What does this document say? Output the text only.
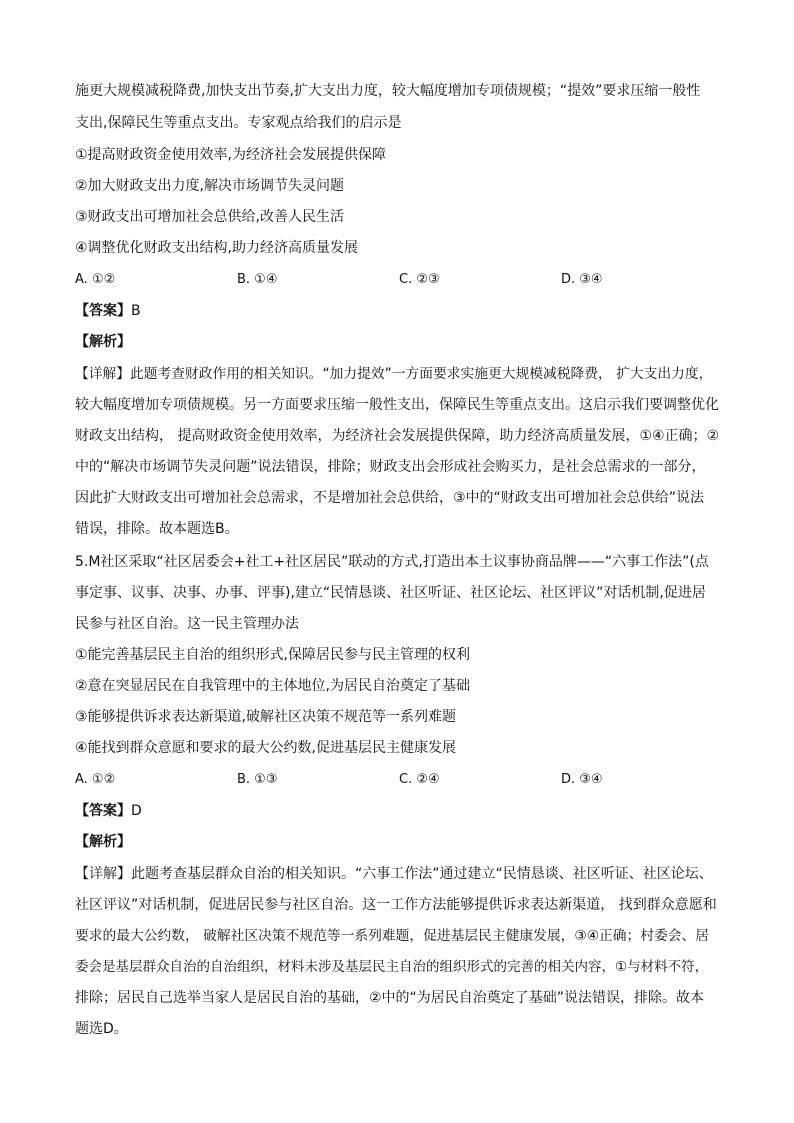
施更大规模减税降费,加快支出节奏,扩大支出力度，较大幅度增加专项债规模；“提效”要求压缩一般性
支出,保障民生等重点支出。专家观点给我们的启示是
①提高财政资金使用效率,为经济社会发展提供保障
②加大财政支出力度,解决市场调节失灵问题
③财政支出可增加社会总供给,改善人民生活
④调整优化财政支出结构,助力经济高质量发展
A. ①②	B. ①④	C. ②③	D. ③④
【答案】B
【解析】
【详解】此题考查财政作用的相关知识。“加力提效”一方面要求实施更大规模减税降费， 扩大支出力度，
较大幅度增加专项债规模。另一方面要求压缩一般性支出，保障民生等重点支出。这启示我们要调整优化
财政支出结构， 提高财政资金使用效率，为经济社会发展提供保障，助力经济高质量发展，①④正确；②
中的“解决市场调节失灵问题”说法错误，排除；财政支出会形成社会购买力，是社会总需求的一部分，
因此扩大财政支出可增加社会总需求，不是增加社会总供给，③中的“财政支出可增加社会总供给”说法
错误，排除。故本题选B。
5.M社区采取“社区居委会+社工+社区居民”联动的方式,打造出本土议事协商品牌——“六事工作法”(点
事定事、议事、决事、办事、评事),建立“民情恳谈、社区听证、社区论坛、社区评议”对话机制,促进居
民参与社区自治。这一民主管理办法
①能完善基层民主自治的组织形式,保障居民参与民主管理的权利
②意在突显居民在自我管理中的主体地位,为居民自治奠定了基础
③能够提供诉求表达新渠道,破解社区决策不规范等一系列难题
④能找到群众意愿和要求的最大公约数,促进基层民主健康发展
A. ①②	B. ①③	C. ②④	D. ③④
【答案】D
【解析】
【详解】此题考查基层群众自治的相关知识。“六事工作法”通过建立“民情恳谈、社区听证、社区论坛、
社区评议”对话机制，促进居民参与社区自治。这一工作方法能够提供诉求表达新渠道， 找到群众意愿和
要求的最大公约数， 破解社区决策不规范等一系列难题，促进基层民主健康发展，③④正确；村委会、居
委会是基层群众自治的自治组织，材料未涉及基层民主自治的组织形式的完善的相关内容，①与材料不符，
排除；居民自己选举当家人是居民自治的基础，②中的“为居民自治奠定了基础”说法错误，排除。故本
题选D。
